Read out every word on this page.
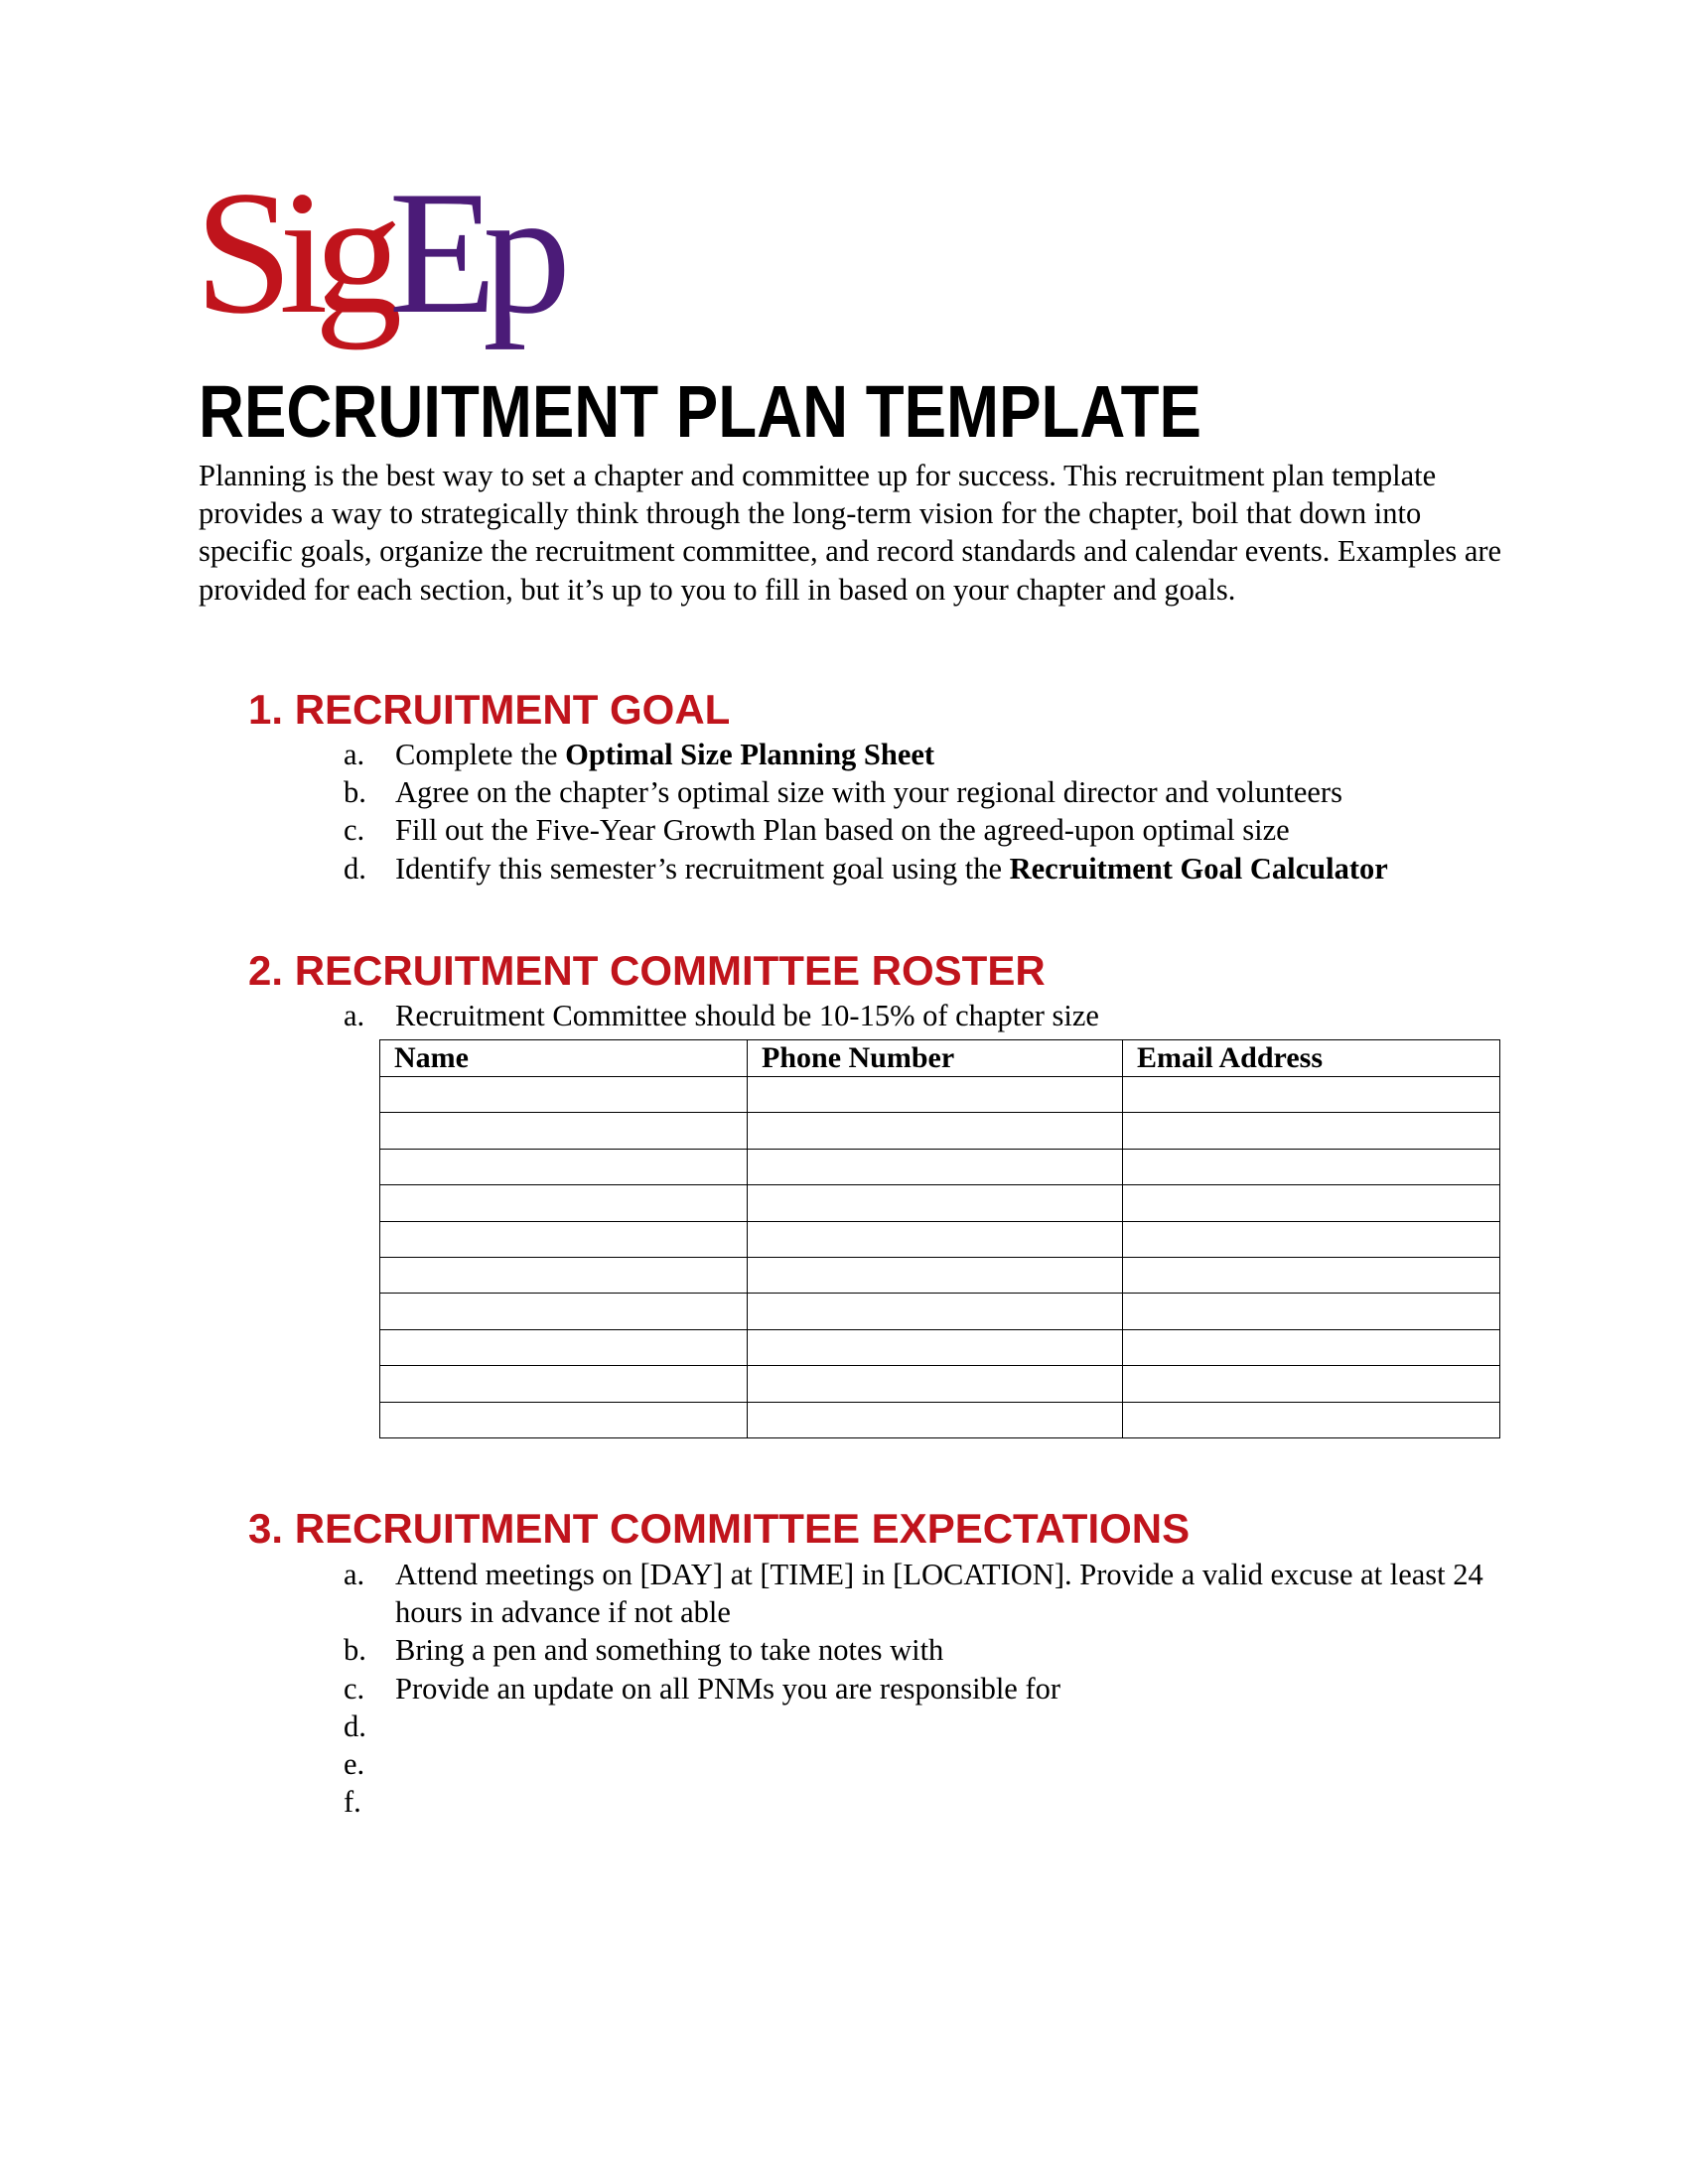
SigEp
RECRUITMENT PLAN TEMPLATE
Planning is the best way to set a chapter and committee up for success. This recruitment plan template provides a way to strategically think through the long-term vision for the chapter, boil that down into specific goals, organize the recruitment committee, and record standards and calendar events. Examples are provided for each section, but it’s up to you to fill in based on your chapter and goals.
1. RECRUITMENT GOAL
a.	Complete the Optimal Size Planning Sheet
b. Agree on the chapter’s optimal size with your regional director and volunteers
c.	Fill out the Five-Year Growth Plan based on the agreed-upon optimal size
d. Identify this semester’s recruitment goal using the Recruitment Goal Calculator
2. RECRUITMENT COMMITTEE ROSTER
a.	Recruitment Committee should be 10-15% of chapter size
Name	Phone Number	Email Address

3. RECRUITMENT COMMITTEE EXPECTATIONS
a.	Attend meetings on [DAY] at [TIME] in [LOCATION]. Provide a valid excuse at least 24 hours in advance if not able
b. Bring a pen and something to take notes with
c.	Provide an update on all PNMs you are responsible for
d.
e.
f.
